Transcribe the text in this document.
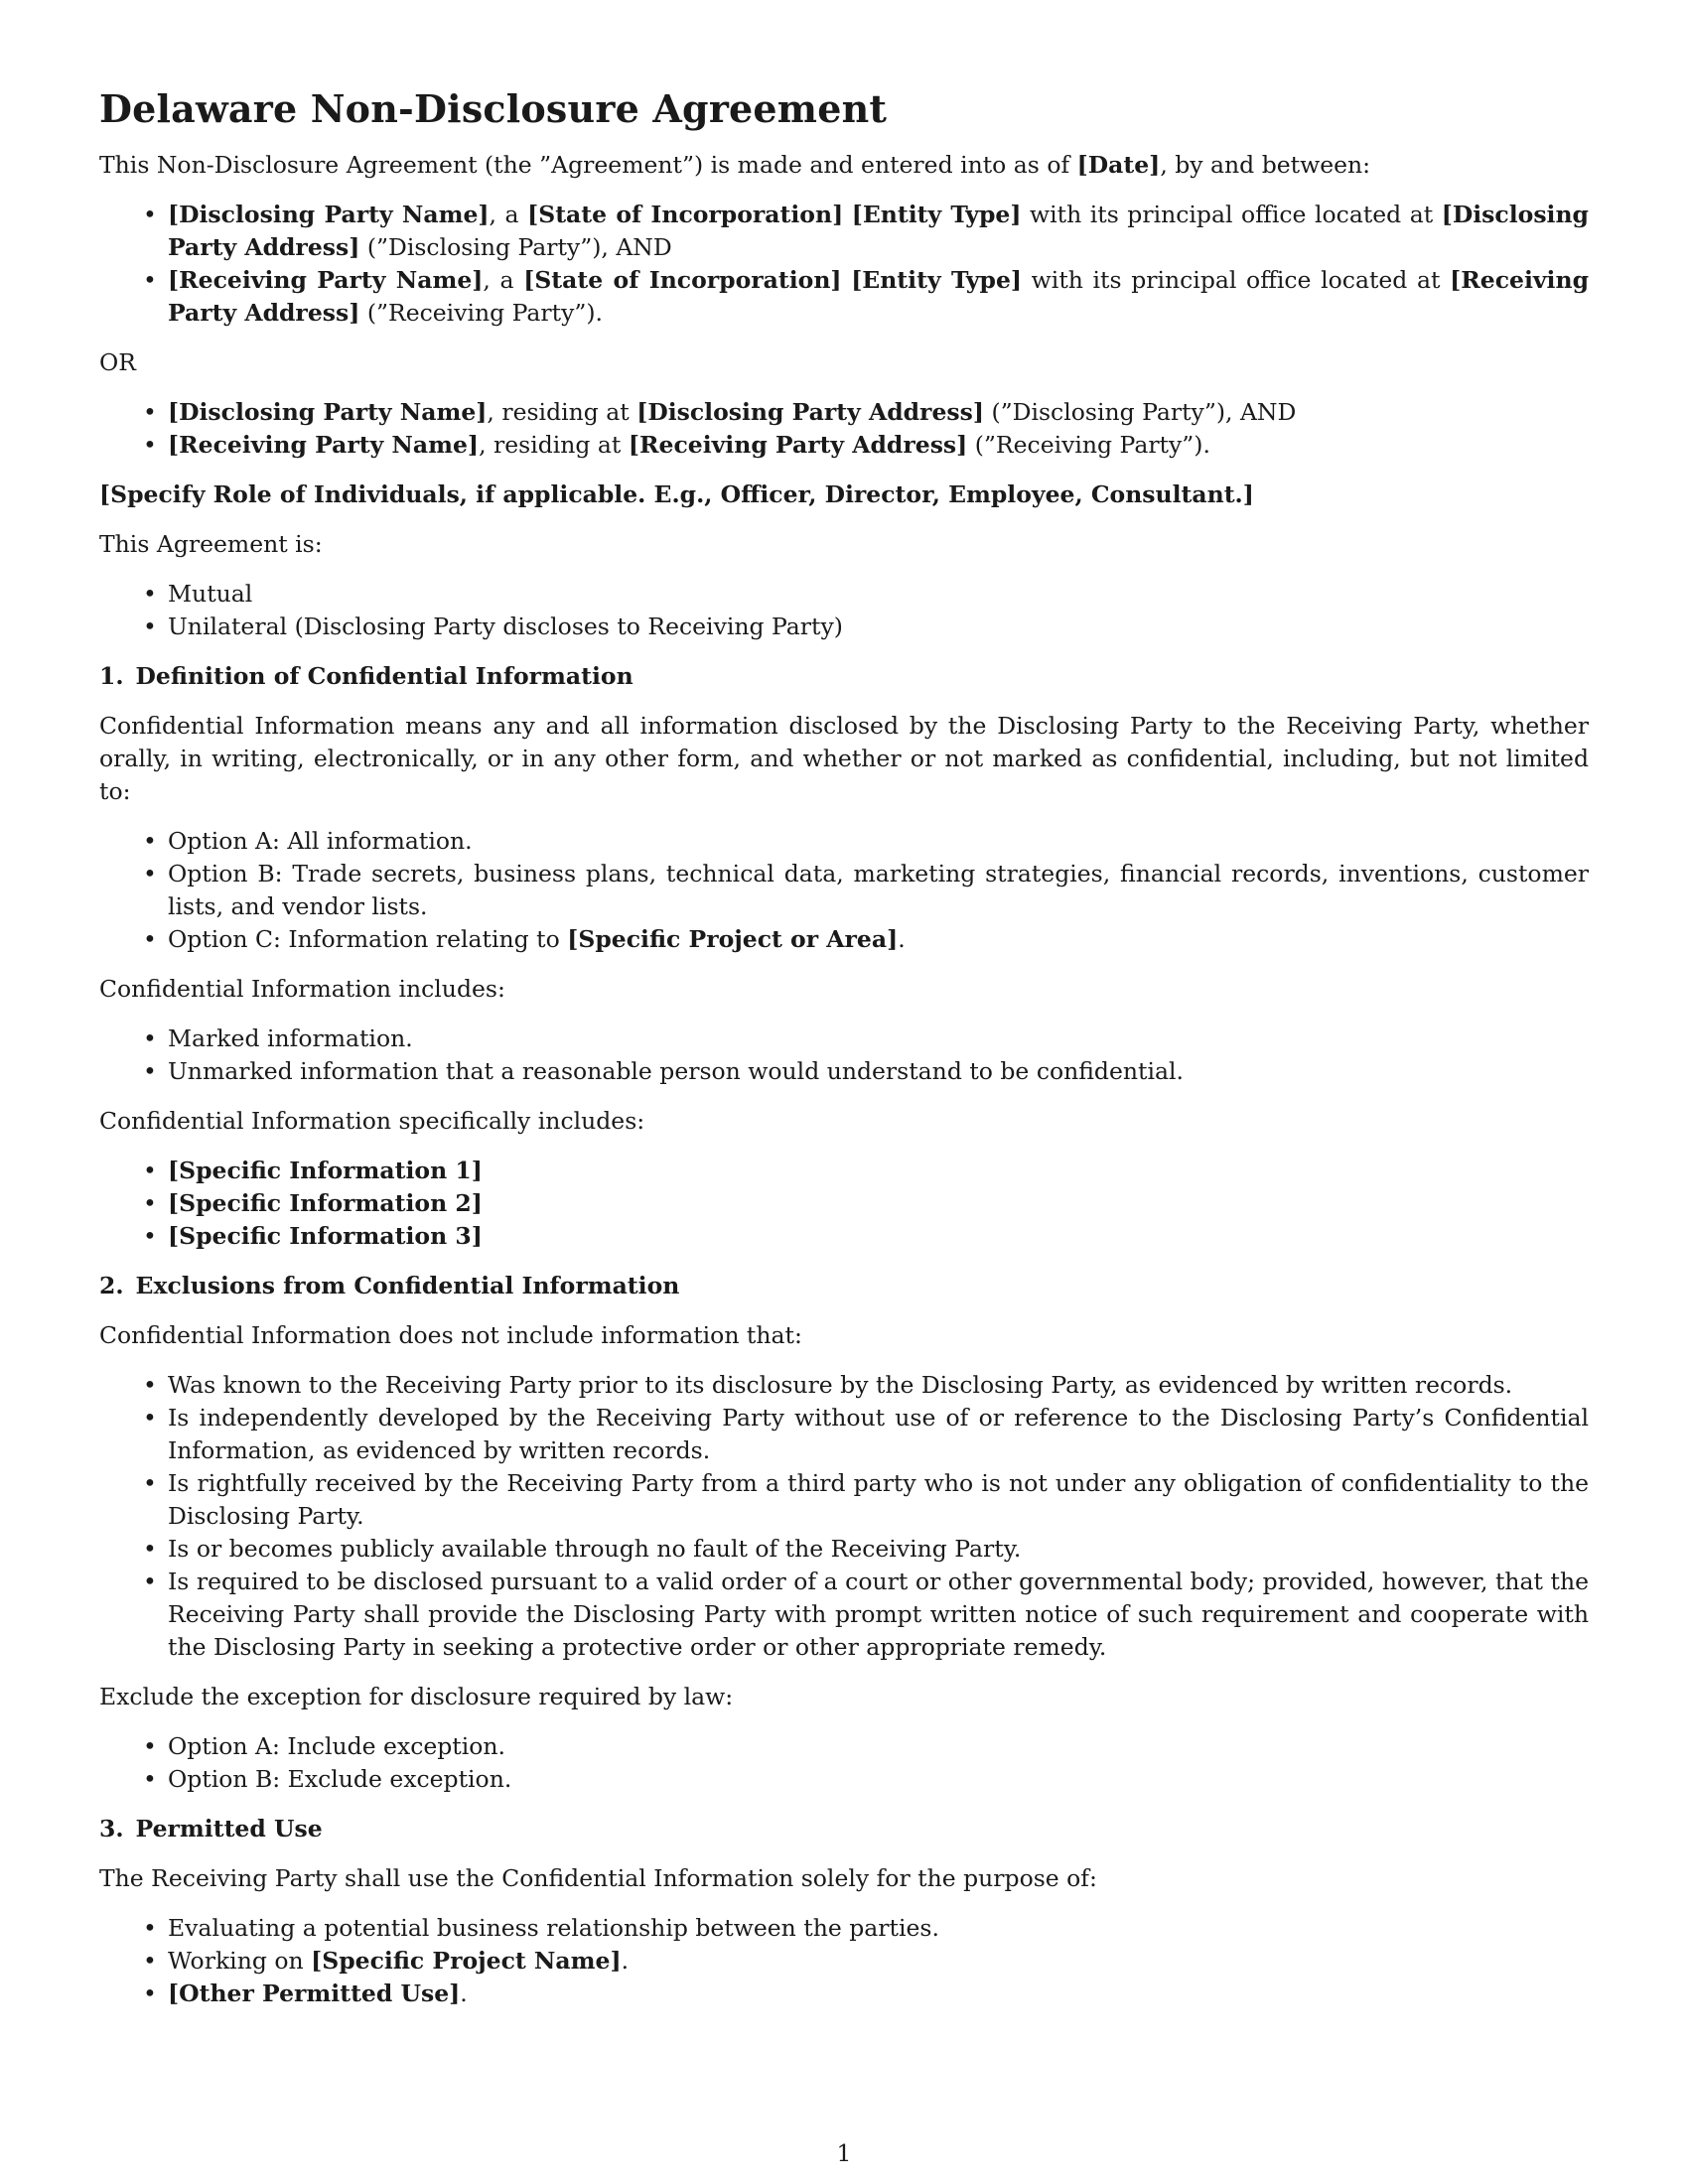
Delaware Non-Disclosure Agreement

This Non-Disclosure Agreement (the ”Agreement”) is made and entered into as of [Date], by and between:

• [Disclosing Party Name], a [State of Incorporation] [Entity Type] with its principal office located at [Disclosing Party Address] (”Disclosing Party”), AND
• [Receiving Party Name], a [State of Incorporation] [Entity Type] with its principal office located at [Receiving Party Address] (”Receiving Party”).

OR

• [Disclosing Party Name], residing at [Disclosing Party Address] (”Disclosing Party”), AND
• [Receiving Party Name], residing at [Receiving Party Address] (”Receiving Party”).

[Specify Role of Individuals, if applicable. E.g., Officer, Director, Employee, Consultant.]

This Agreement is:

• Mutual
• Unilateral (Disclosing Party discloses to Receiving Party)
1. Definition of Confidential Information

Confidential Information means any and all information disclosed by the Disclosing Party to the Receiving Party, whether orally, in writing, electronically, or in any other form, and whether or not marked as confidential, including, but not limited to:

• Option A: All information.
• Option B: Trade secrets, business plans, technical data, marketing strategies, financial records, inventions, customer lists, and vendor lists.
• Option C: Information relating to [Specific Project or Area].

Confidential Information includes:

• Marked information.
• Unmarked information that a reasonable person would understand to be confidential.

Confidential Information specifically includes:

• [Specific Information 1]
• [Specific Information 2]
• [Specific Information 3]
2. Exclusions from Confidential Information

Confidential Information does not include information that:

• Was known to the Receiving Party prior to its disclosure by the Disclosing Party, as evidenced by written records.
• Is independently developed by the Receiving Party without use of or reference to the Disclosing Party’s Confidential Information, as evidenced by written records.
• Is rightfully received by the Receiving Party from a third party who is not under any obligation of confidentiality to the Disclosing Party.
• Is or becomes publicly available through no fault of the Receiving Party.
• Is required to be disclosed pursuant to a valid order of a court or other governmental body; provided, however, that the Receiving Party shall provide the Disclosing Party with prompt written notice of such requirement and cooperate with the Disclosing Party in seeking a protective order or other appropriate remedy.

Exclude the exception for disclosure required by law:

• Option A: Include exception.
• Option B: Exclude exception.
3. Permitted Use

The Receiving Party shall use the Confidential Information solely for the purpose of:

• Evaluating a potential business relationship between the parties.
• Working on [Specific Project Name].
• [Other Permitted Use].
1
